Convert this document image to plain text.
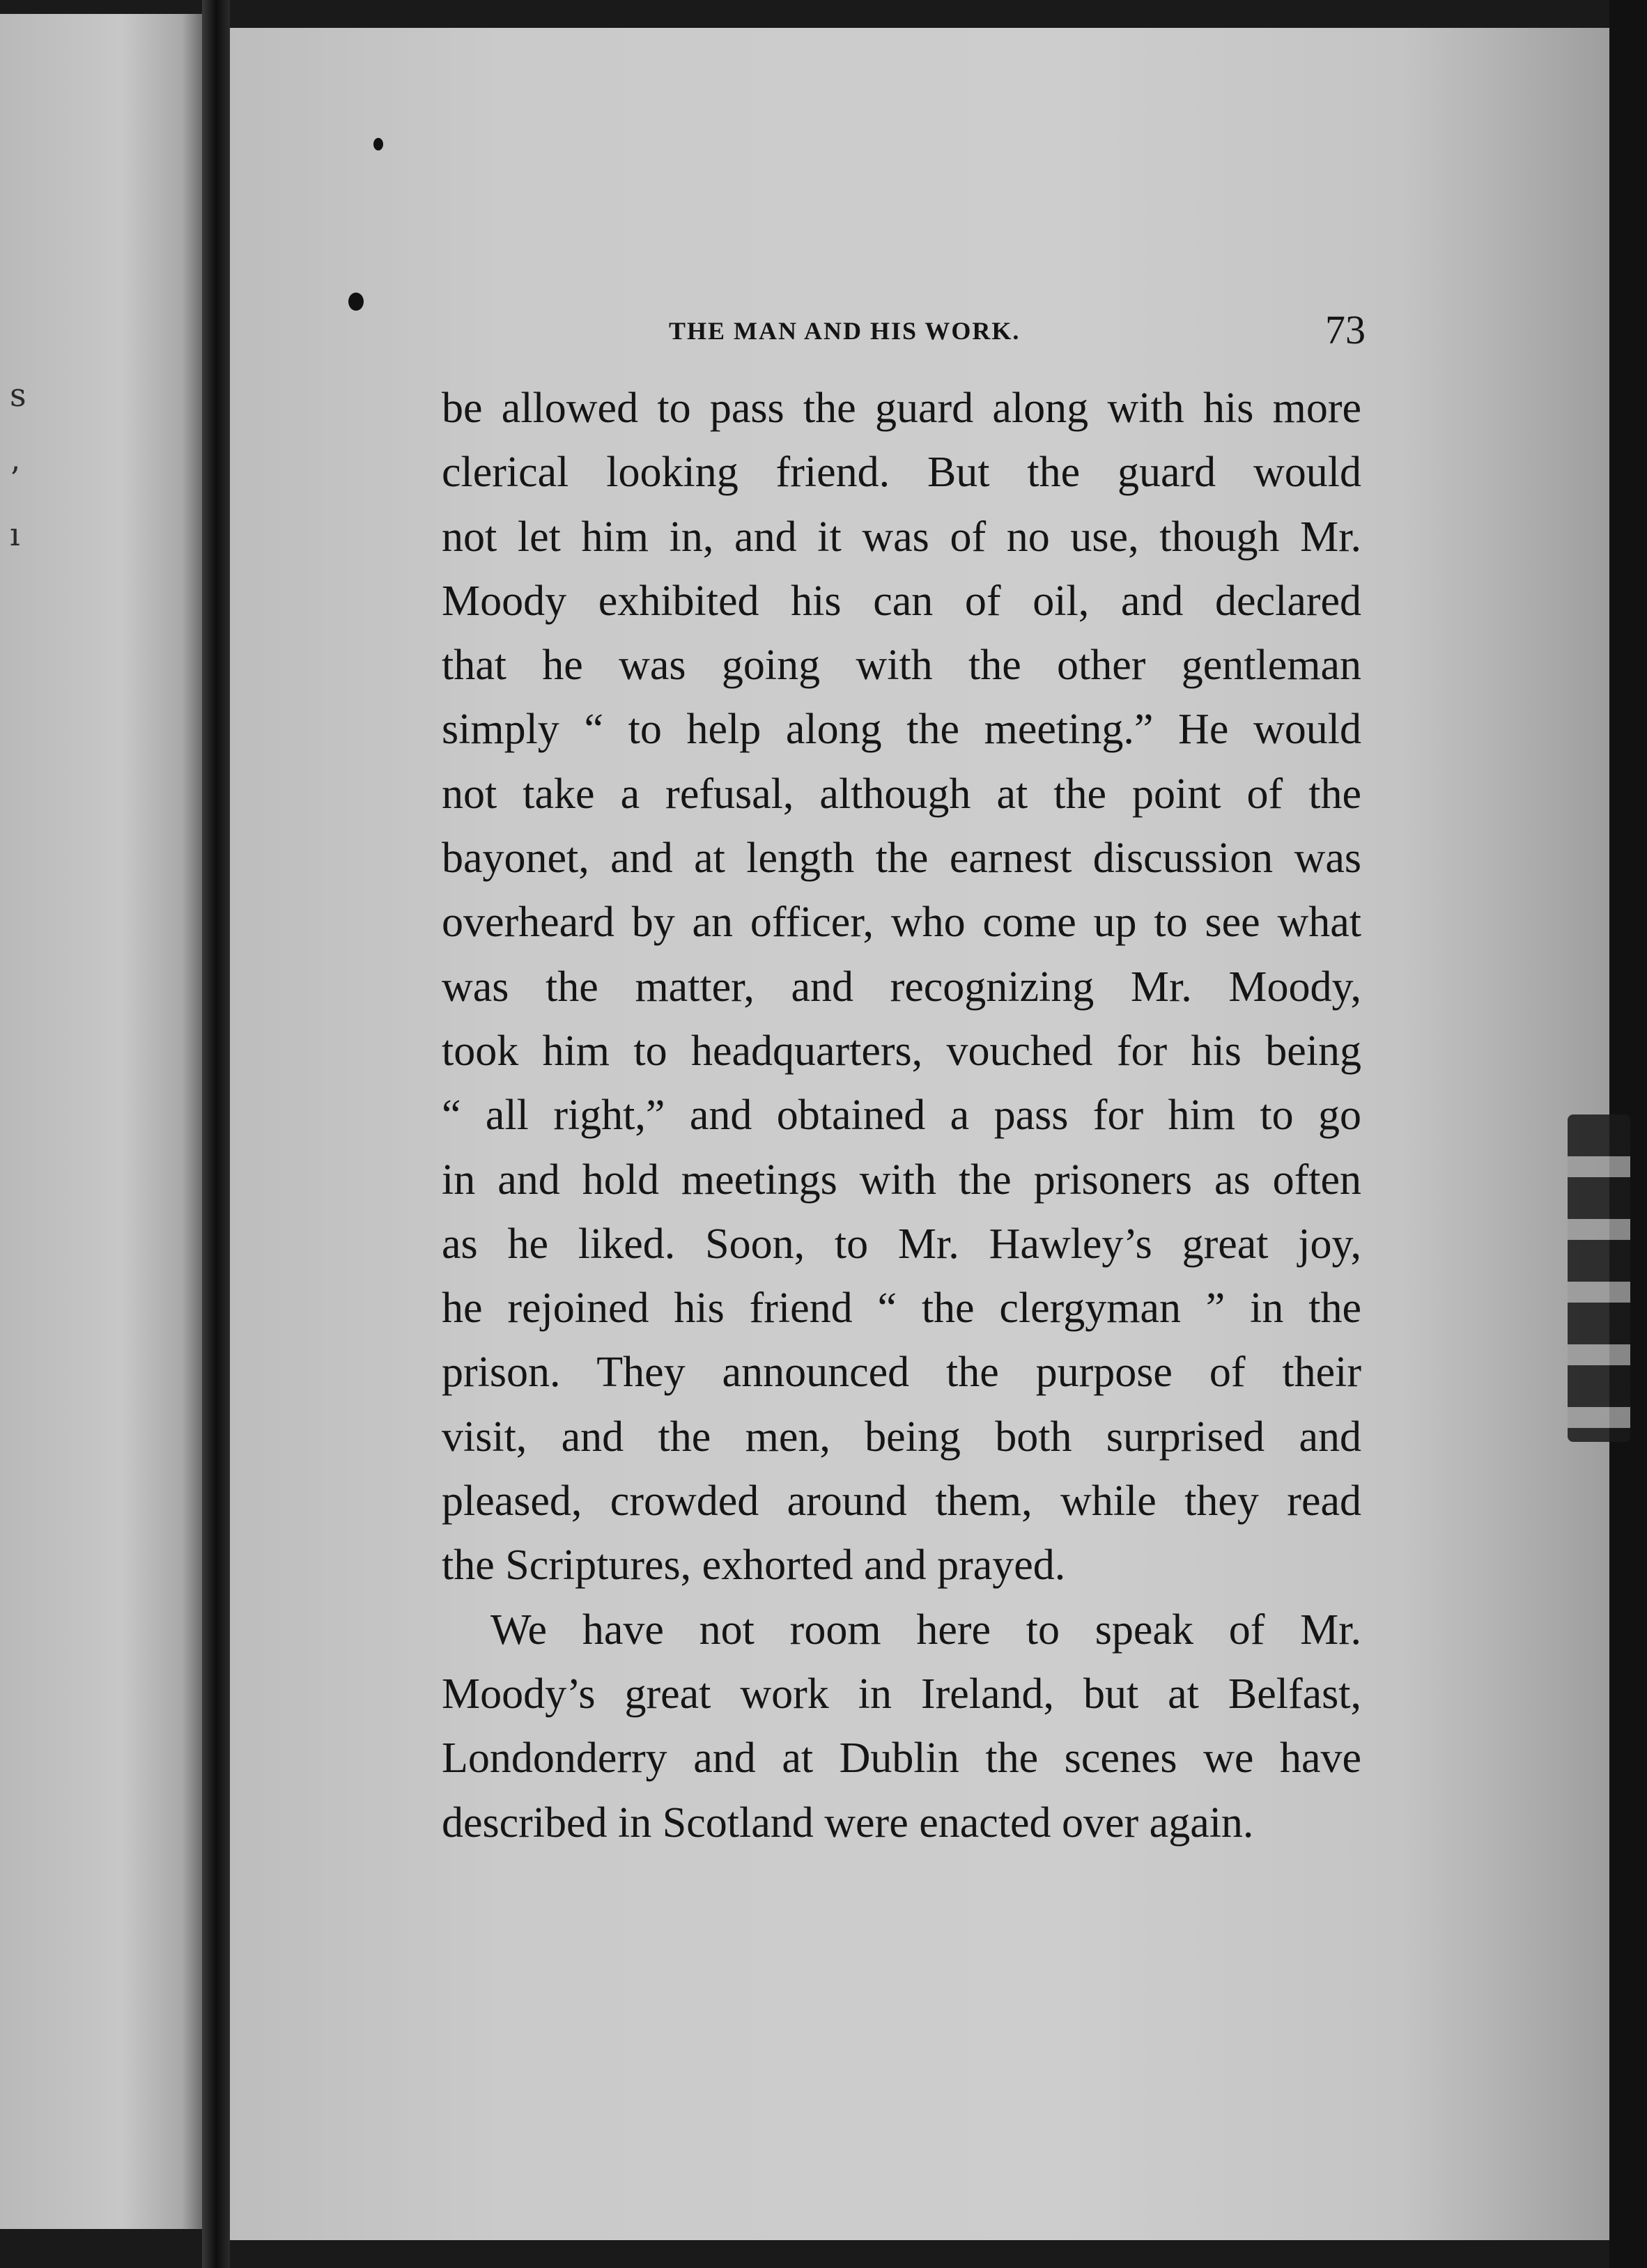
s
’
ı
THE MAN AND HIS WORK.	73
be allowed to pass the guard along with his more
clerical looking friend. But the guard would
not let him in, and it was of no use, though Mr.
Moody exhibited his can of oil, and declared
that he was going with the other gentleman
simply “ to help along the meeting.” He would
not take a refusal, although at the point of the
bayonet, and at length the earnest discussion was
overheard by an officer, who come up to see what
was the matter, and recognizing Mr. Moody,
took him to headquarters, vouched for his being
“ all right,” and obtained a pass for him to go
in and hold meetings with the prisoners as often
as he liked. Soon, to Mr. Hawley’s great joy,
he rejoined his friend “ the clergyman ” in the
prison. They announced the purpose of their
visit, and the men, being both surprised and
pleased, crowded around them, while they read
the Scriptures, exhorted and prayed.
We have not room here to speak of Mr.
Moody’s great work in Ireland, but at Belfast,
Londonderry and at Dublin the scenes we have
described in Scotland were enacted over again.
